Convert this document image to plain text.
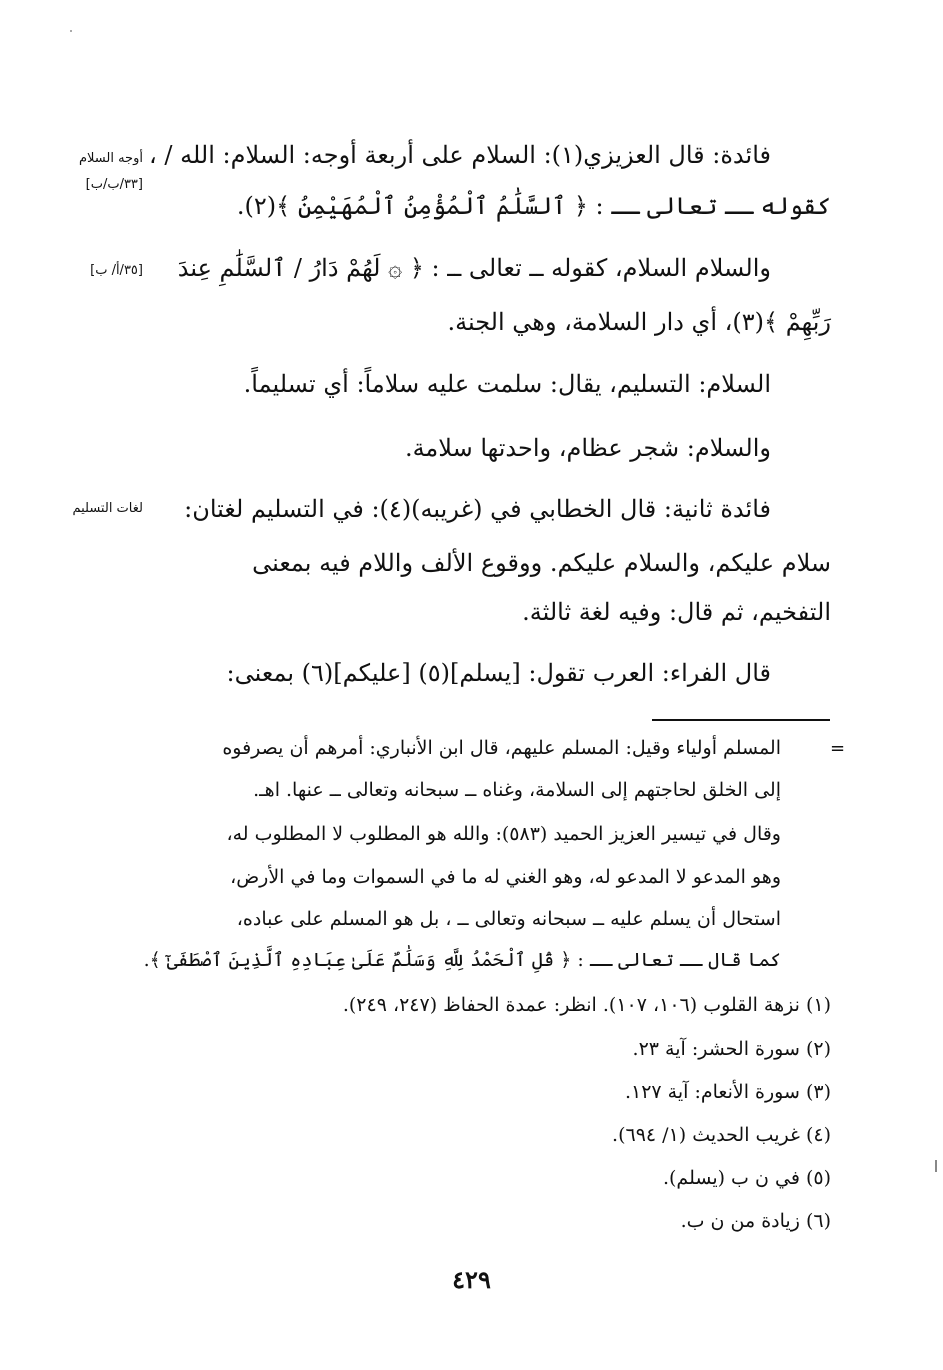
أوجه السلام
[٣٣/ب/ب]
[٣٥/أ/ ب]
لغات التسليم
فائدة: قال العزيزي(١): السلام على أربعة أوجه: السلام: الله / ،
كقوله ــ تعالى ــ : ﴿ ٱلسَّلَٰمُ ٱلْمُؤْمِنُ ٱلْمُهَيْمِنُ ﴾(٢).
والسلام السلام، كقوله ــ تعالى ــ : ﴿ ۞ لَهُمْ دَارُ / ٱلسَّلَٰمِ عِندَ
رَبِّهِمْ ﴾(٣)، أي دار السلامة، وهي الجنة.
السلام: التسليم، يقال: سلمت عليه سلاماً: أي تسليماً.
والسلام: شجر عظام، واحدتها سلامة.
فائدة ثانية: قال الخطابي في (غريبه)(٤): في التسليم لغتان:
سلام عليكم، والسلام عليكم. ووقوع الألف واللام فيه بمعنى
التفخيم، ثم قال: وفيه لغة ثالثة.
قال الفراء: العرب تقول: [يسلم](٥) [عليكم](٦) بمعنى:
=
المسلم أولياء وقيل: المسلم عليهم، قال ابن الأنباري: أمرهم أن يصرفوه
إلى الخلق لحاجتهم إلى السلامة، وغناه ــ سبحانه وتعالى ــ عنها. اهـ.
وقال في تيسير العزيز الحميد (٥٨٣): والله هو المطلوب لا المطلوب له،
وهو المدعو لا المدعو له، وهو الغني له ما في السموات وما في الأرض،
استحال أن يسلم عليه ــ سبحانه وتعالى ــ ، بل هو المسلم على عباده،
كما قال ــ تعالى ــ : ﴿ قُلِ ٱلْحَمْدُ لِلَّهِ وَسَلَٰمٌ عَلَىٰ عِبَادِهِ ٱلَّذِينَ ٱصْطَفَىٰٓ ﴾.
(١) نزهة القلوب (١٠٦، ١٠٧). انظر: عمدة الحفاظ (٢٤٧، ٢٤٩).
(٢) سورة الحشر: آية ٢٣.
(٣) سورة الأنعام: آية ١٢٧.
(٤) غريب الحديث (١/ ٦٩٤).
(٥) في ن ب (يسلم).
(٦) زيادة من ن ب.
٤٢٩
